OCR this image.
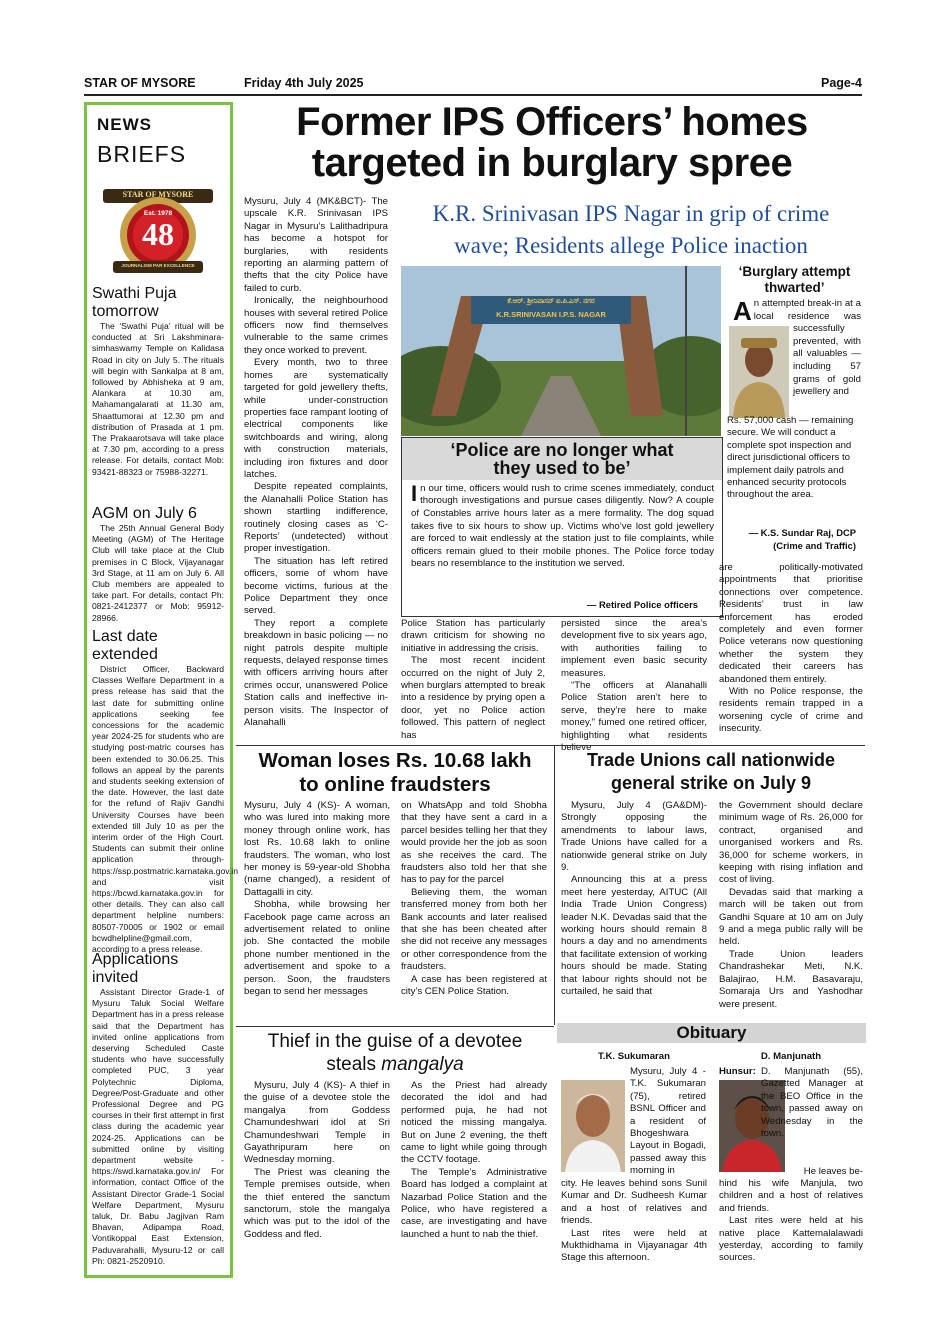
STAR OF MYSORE	Friday 4th July 2025	Page-4
NEWS
BRIEFS
STAR OF MYSORE
Est. 1978
48
JOURNALISM PAR EXCELLENCE
Swathi Puja tomorrow

The ‘Swathi Puja’ ritual will be conducted at Sri Lakshminara-simhaswamy Temple on Kalidasa Road in city on July 5. The rituals will begin with Sankalpa at 8 am, followed by Abhisheka at 9 am, Alankara at 10.30 am, Mahamangalarati at 11.30 am, Shaattumorai at 12.30 pm and distribution of Prasada at 1 pm. The Prakaarotsava will take place at 7.30 pm, according to a press release. For details, contact Mob: 93421-88323 or 75988-32271.

AGM on July 6

The 25th Annual General Body Meeting (AGM) of The Heritage Club will take place at the Club premises in C Block, Vijayanagar 3rd Stage, at 11 am on July 6. All Club members are appealed to take part. For details, contact Ph: 0821-2412377 or Mob: 95912-28966.

Last date extended

District Officer, Backward Classes Welfare Department in a press release has said that the last date for submitting online applications seeking fee concessions for the academic year 2024-25 for students who are studying post-matric courses has been extended to 30.06.25. This follows an appeal by the parents and students seeking extension of the date. However, the last date for the refund of Rajiv Gandhi University Courses have been extended till July 10 as per the interim order of the High Court. Students can submit their online application through- https://ssp.postmatric.karnataka.gov.in and visit https://bcwd.karnataka.gov.in for other details. They can also call department helpline numbers: 80507-70005 or 1902 or email bcwdhelpline@gmail.com, according to a press release.

Applications invited

Assistant Director Grade-1 of Mysuru Taluk Social Welfare Department has in a press release said that the Department has invited online applications from deserving Scheduled Caste students who have successfully completed PUC, 3 year Polytechnic Diploma, Degree/Post-Graduate and other Professional Degree and PG courses in their first attempt in first class during the academic year 2024-25. Applications can be submitted online by visiting department website - https://swd.karnataka.gov.in/ For information, contact Office of the Assistant Director Grade-1 Social Welfare Department, Mysuru taluk, Dr. Babu Jagjivan Ram Bhavan, Adipampa Road, Vontikoppal East Extension, Paduvarahalli, Mysuru-12 or call Ph: 0821-2520910.

Former IPS Officers’ homes
targeted in burglary spree

Mysuru, July 4 (MK&BCT)- The upscale K.R. Srinivasan IPS Nagar in Mysuru’s Lalithadripura has become a hotspot for burglaries, with residents reporting an alarming pattern of thefts that the city Police have failed to curb.

Ironically, the neighbourhood houses with several retired Police officers now find themselves vulnerable to the same crimes they once worked to prevent.

Every month, two to three homes are systematically targeted for gold jewellery thefts, while under-construction properties face rampant looting of electrical components like switchboards and wiring, along with construction materials, including iron fixtures and door latches.

Despite repeated complaints, the Alanahalli Police Station has shown startling indifference, routinely closing cases as ‘C-Reports’ (undetected) without proper investigation.

The situation has left retired officers, some of whom have become victims, furious at the Police Department they once served.

They report a complete breakdown in basic policing — no night patrols despite multiple requests, delayed response times with officers arriving hours after crimes occur, unanswered Police Station calls and ineffective in-person visits. The Inspector of Alanahalli

K.R. Srinivasan IPS Nagar in grip of crime
wave; Residents allege Police inaction
ಕೆ.ಆರ್. ಶ್ರೀನಿವಾಸನ್ ಐ.ಪಿ.ಎಸ್. ನಗರ
K.R.SRINIVASAN I.P.S. NAGAR
‘Police are no longer what
they used to be’
In our time, officers would rush to crime scenes immediately, conduct thorough investigations and pursue cases diligently. Now? A couple of Constables arrive hours later as a mere formality. The dog squad takes five to six hours to show up. Victims who’ve lost gold jewellery are forced to wait endlessly at the station just to file complaints, while officers remain glued to their mobile phones. The Police force today bears no resemblance to the institution we served.
— Retired Police officers

Police Station has particularly drawn criticism for showing no initiative in addressing the crisis.

The most recent incident occurred on the night of July 2, when burglars attempted to break into a residence by prying open a door, yet no Police action followed. This pattern of neglect has

persisted since the area’s development five to six years ago, with authorities failing to implement even basic security measures.

“The officers at Alanahalli Police Station aren’t here to serve, they’re here to make money,” fumed one retired officer, highlighting what residents believe

‘Burglary attempt
thwarted’
A n attempted break-in at a local residence was successfully prevented, with all valuables — including 57 grams of gold jewellery and
Rs. 57,000 cash — remaining secure. We will conduct a complete spot inspection and direct jurisdictional officers to implement daily patrols and enhanced security protocols throughout the area.
— K.S. Sundar Raj, DCP
(Crime and Traffic)

are politically-motivated appointments that prioritise connections over competence. Residents’ trust in law enforcement has eroded completely and even former Police veterans now questioning whether the system they dedicated their careers has abandoned them entirely.

With no Police response, the residents remain trapped in a worsening cycle of crime and insecurity.

Woman loses Rs. 10.68 lakh
to online fraudsters

Mysuru, July 4 (KS)- A woman, who was lured into making more money through online work, has lost Rs. 10.68 lakh to online fraudsters. The woman, who lost her money is 59-year-old Shobha (name changed), a resident of Dattagalli in city.

Shobha, while browsing her Facebook page came across an advertisement related to online job. She contacted the mobile phone number mentioned in the advertisement and spoke to a person. Soon, the fraudsters began to send her messages

on WhatsApp and told Shobha that they have sent a card in a parcel besides telling her that they would provide her the job as soon as she receives the card. The fraudsters also told her that she has to pay for the parcel

Believing them, the woman transferred money from both her Bank accounts and later realised that she has been cheated after she did not receive any messages or other correspondence from the fraudsters.

A case has been registered at city’s CEN Police Station.

Thief in the guise of a devotee
steals mangalya

Mysuru, July 4 (KS)- A thief in the guise of a devotee stole the mangalya from Goddess Chamundeshwari idol at Sri Chamundeshwari Temple in Gayathripuram here on Wednesday morning.

The Priest was cleaning the Temple premises outside, when the thief entered the sanctum sanctorum, stole the mangalya which was put to the idol of the Goddess and fled.

As the Priest had already decorated the idol and had performed puja, he had not noticed the missing mangalya. But on June 2 evening, the theft came to light while going through the CCTV footage.

The Temple’s Administrative Board has lodged a complaint at Nazarbad Police Station and the Police, who have registered a case, are investigating and have launched a hunt to nab the thief.

Trade Unions call nationwide
general strike on July 9

Mysuru, July 4 (GA&DM)- Strongly opposing the amendments to labour laws, Trade Unions have called for a nationwide general strike on July 9.

Announcing this at a press meet here yesterday, AITUC (All India Trade Union Congress) leader N.K. Devadas said that the working hours should remain 8 hours a day and no amendments that facilitate extension of working hours should be made. Stating that labour rights should not be curtailed, he said that

the Government should declare minimum wage of Rs. 26,000 for contract, organised and unorganised workers and Rs. 36,000 for scheme workers, in keeping with rising inflation and cost of living.

Devadas said that marking a march will be taken out from Gandhi Square at 10 am on July 9 and a mega public rally will be held.

Trade Union leaders Chandrashekar Meti, N.K. Balajirao, H.M. Basavaraju, Somaraja Urs and Yashodhar were present.

Obituary
T.K. Sukumaran
Mysuru, July 4 - T.K. Sukumaran (75), retired BSNL Officer and a resident of Bhogeshwara Layout in Bogadi, passed away this morning in

city. He leaves behind sons Sunil Kumar and Dr. Sudheesh Kumar and a host of relatives and friends.

Last rites were held at Mukthidhama in Vijayanagar 4th Stage this afternoon.

D. Manjunath
Hunsur: D. Manjunath (55), Gazetted Manager at the BEO Office in the town, passed away on Wednesday in the town.
He leaves be-

hind his wife Manjula, two children and a host of relatives and friends.

Last rites were held at his native place Kattemalalawadi yesterday, according to family sources.
